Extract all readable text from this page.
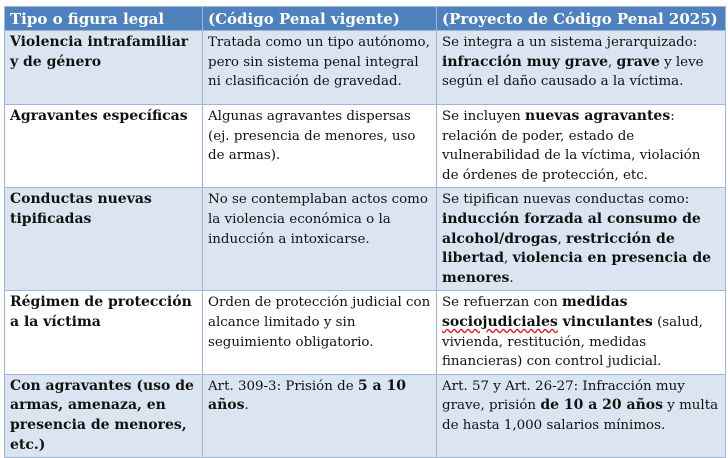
Tipo o figura legal	(Código Penal vigente)	(Proyecto de Código Penal 2025)
Violencia intrafamiliar y de género	Tratada como un tipo autónomo, pero sin sistema penal integral ni clasificación de gravedad.	Se integra a un sistema jerarquizado: infracción muy grave, grave y leve según el daño causado a la víctima.
Agravantes específicas	Algunas agravantes dispersas (ej. presencia de menores, uso de armas).	Se incluyen nuevas agravantes: relación de poder, estado de vulnerabilidad de la víctima, violación de órdenes de protección, etc.
Conductas nuevas tipificadas	No se contemplaban actos como la violencia económica o la inducción a intoxicarse.	Se tipifican nuevas conductas como: inducción forzada al consumo de alcohol/drogas, restricción de libertad, violencia en presencia de menores.
Régimen de protección a la víctima	Orden de protección judicial con alcance limitado y sin seguimiento obligatorio.	Se refuerzan con medidas sociojudiciales vinculantes (salud, vivienda, restitución, medidas financieras) con control judicial.
Con agravantes (uso de armas, amenaza, en presencia de menores, etc.)	Art. 309-3: Prisión de 5 a 10 años.	Art. 57 y Art. 26-27: Infracción muy grave, prisión de 10 a 20 años y multa de hasta 1,000 salarios mínimos.
